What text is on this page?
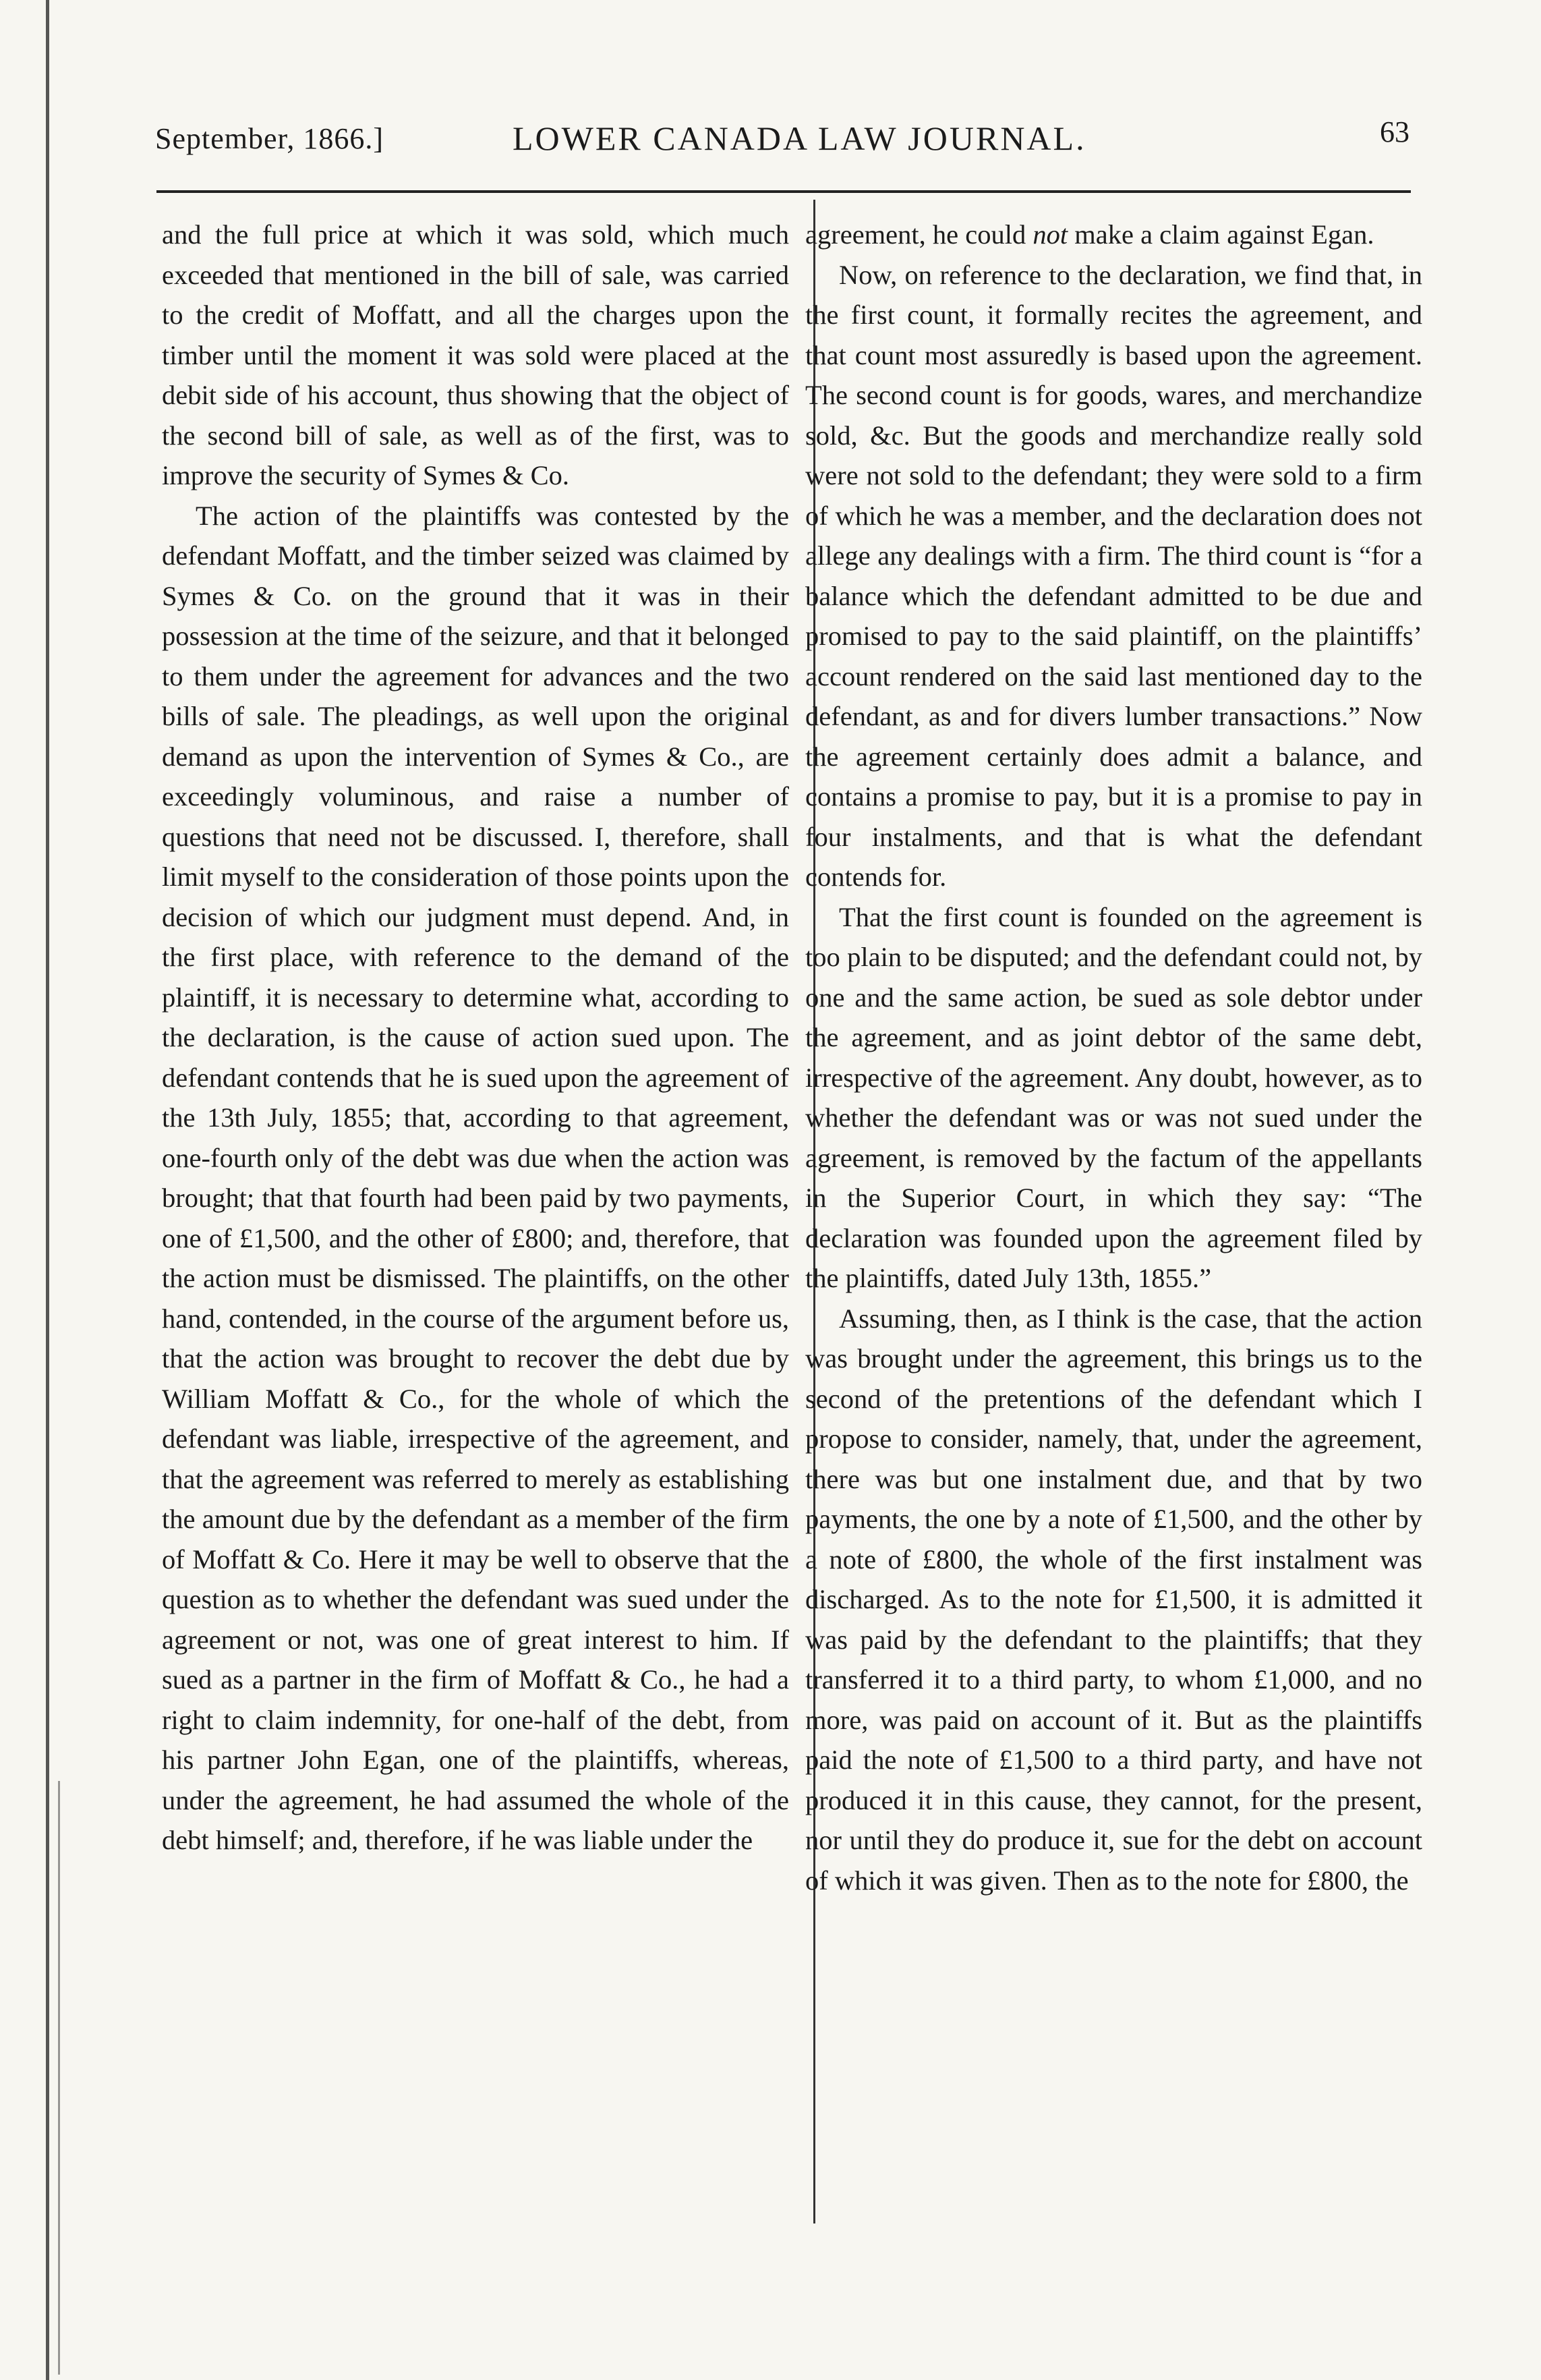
September, 1866.]	LOWER CANADA LAW JOURNAL.	63

and the full price at which it was sold, which much exceeded that mentioned in the bill of sale, was carried to the credit of Moffatt, and all the charges upon the timber until the moment it was sold were placed at the debit side of his account, thus showing that the object of the second bill of sale, as well as of the first, was to improve the security of Symes & Co.

The action of the plaintiffs was contested by the defendant Moffatt, and the timber seized was claimed by Symes & Co. on the ground that it was in their possession at the time of the seizure, and that it belonged to them under the agreement for advances and the two bills of sale. The pleadings, as well upon the original demand as upon the intervention of Symes & Co., are exceedingly voluminous, and raise a number of questions that need not be discussed. I, therefore, shall limit myself to the consideration of those points upon the decision of which our judgment must depend. And, in the first place, with reference to the demand of the plaintiff, it is necessary to determine what, according to the declaration, is the cause of action sued upon. The defendant contends that he is sued upon the agreement of the 13th July, 1855; that, according to that agreement, one-fourth only of the debt was due when the action was brought; that that fourth had been paid by two payments, one of £1,500, and the other of £800; and, therefore, that the action must be dismissed. The plaintiffs, on the other hand, contended, in the course of the argument before us, that the action was brought to recover the debt due by William Moffatt & Co., for the whole of which the defendant was liable, irrespective of the agreement, and that the agreement was referred to merely as establishing the amount due by the defendant as a member of the firm of Moffatt & Co. Here it may be well to observe that the question as to whether the defendant was sued under the agreement or not, was one of great interest to him. If sued as a partner in the firm of Moffatt & Co., he had a right to claim indemnity, for one-half of the debt, from his partner John Egan, one of the plaintiffs, whereas, under the agreement, he had assumed the whole of the debt himself; and, therefore, if he was liable under the

agreement, he could not make a claim against Egan.

Now, on reference to the declaration, we find that, in the first count, it formally recites the agreement, and that count most assuredly is based upon the agreement. The second count is for goods, wares, and merchandize sold, &c. But the goods and merchandize really sold were not sold to the defendant; they were sold to a firm of which he was a member, and the declaration does not allege any dealings with a firm. The third count is “for a balance which the defendant admitted to be due and promised to pay to the said plaintiff, on the plaintiffs’ account rendered on the said last mentioned day to the defendant, as and for divers lumber transactions.” Now the agreement certainly does admit a balance, and contains a promise to pay, but it is a promise to pay in four instalments, and that is what the defendant contends for.

That the first count is founded on the agreement is too plain to be disputed; and the defendant could not, by one and the same action, be sued as sole debtor under the agreement, and as joint debtor of the same debt, irrespective of the agreement. Any doubt, however, as to whether the defendant was or was not sued under the agreement, is removed by the factum of the appellants in the Superior Court, in which they say: “The declaration was founded upon the agreement filed by the plaintiffs, dated July 13th, 1855.”

Assuming, then, as I think is the case, that the action was brought under the agreement, this brings us to the second of the pretentions of the defendant which I propose to consider, namely, that, under the agreement, there was but one instalment due, and that by two payments, the one by a note of £1,500, and the other by a note of £800, the whole of the first instalment was discharged. As to the note for £1,500, it is admitted it was paid by the defendant to the plaintiffs; that they transferred it to a third party, to whom £1,000, and no more, was paid on account of it. But as the plaintiffs paid the note of £1,500 to a third party, and have not produced it in this cause, they cannot, for the present, nor until they do produce it, sue for the debt on account of which it was given. Then as to the note for £800, the
